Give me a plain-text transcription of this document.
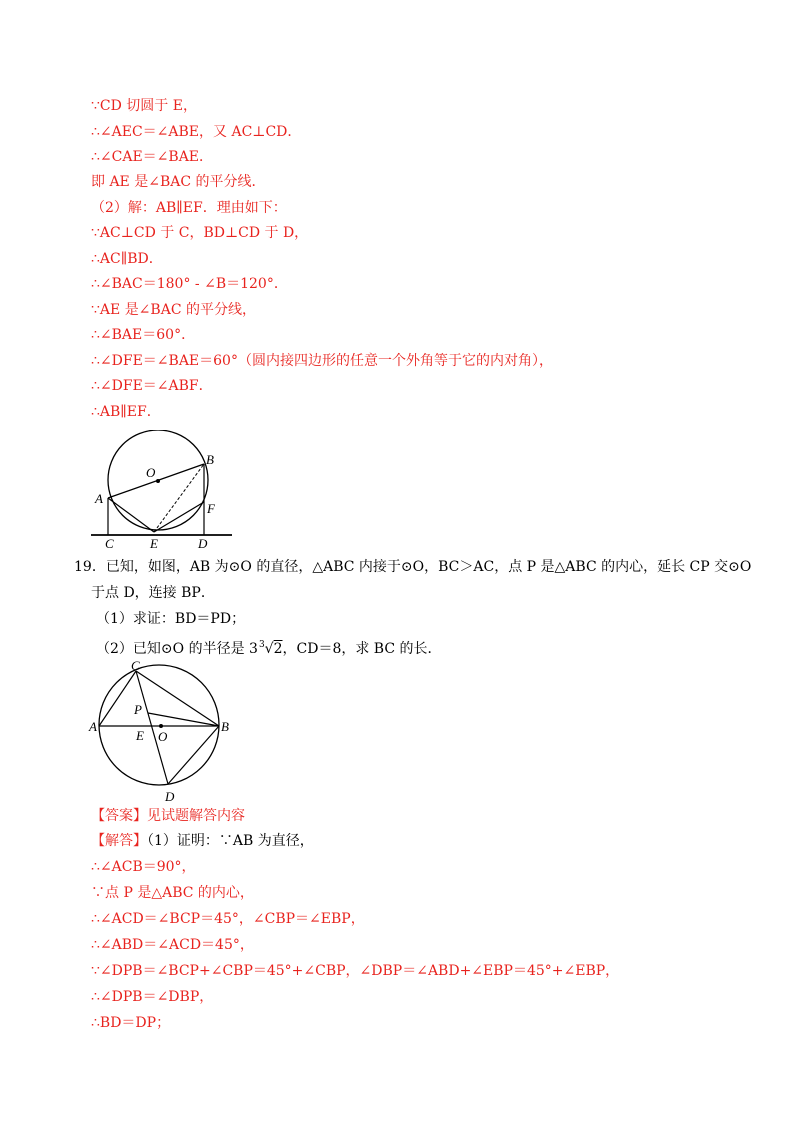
∵CD 切圆于 E，
∴∠AEC＝∠ABE，又 AC⊥CD．
∴∠CAE＝∠BAE．
即 AE 是∠BAC 的平分线．
（2）解：AB∥EF．理由如下：
∵AC⊥CD 于 C，BD⊥CD 于 D，
∴AC∥BD．
∴∠BAC＝180° - ∠B＝120°．
∵AE 是∠BAC 的平分线，
∴∠BAE＝60°．
∴∠DFE＝∠BAE＝60°（圆内接四边形的任意一个外角等于它的内对角），
∴∠DFE＝∠ABF．
∴AB∥EF．
O
B
A
F
C	E	D
19．已知，如图，AB 为⊙O 的直径，△ABC 内接于⊙O，BC＞AC，点 P 是△ABC 的内心，延长 CP 交⊙O
于点 D，连接 BP．
（1）求证：BD＝PD；
（2）已知⊙O 的半径是 $3^3√2$，CD＝8，求 BC 的长．
C
P
A
E O
B
D
【答案】见试题解答内容
【解答】（1）证明：∵AB 为直径，
∴∠ACB＝90°，
∵点 P 是△ABC 的内心，
∴∠ACD＝∠BCP＝45°，∠CBP＝∠EBP，
∴∠ABD＝∠ACD＝45°，
∵∠DPB＝∠BCP+∠CBP＝45°+∠CBP，∠DBP＝∠ABD+∠EBP＝45°+∠EBP，
∴∠DPB＝∠DBP，
∴BD＝DP；
